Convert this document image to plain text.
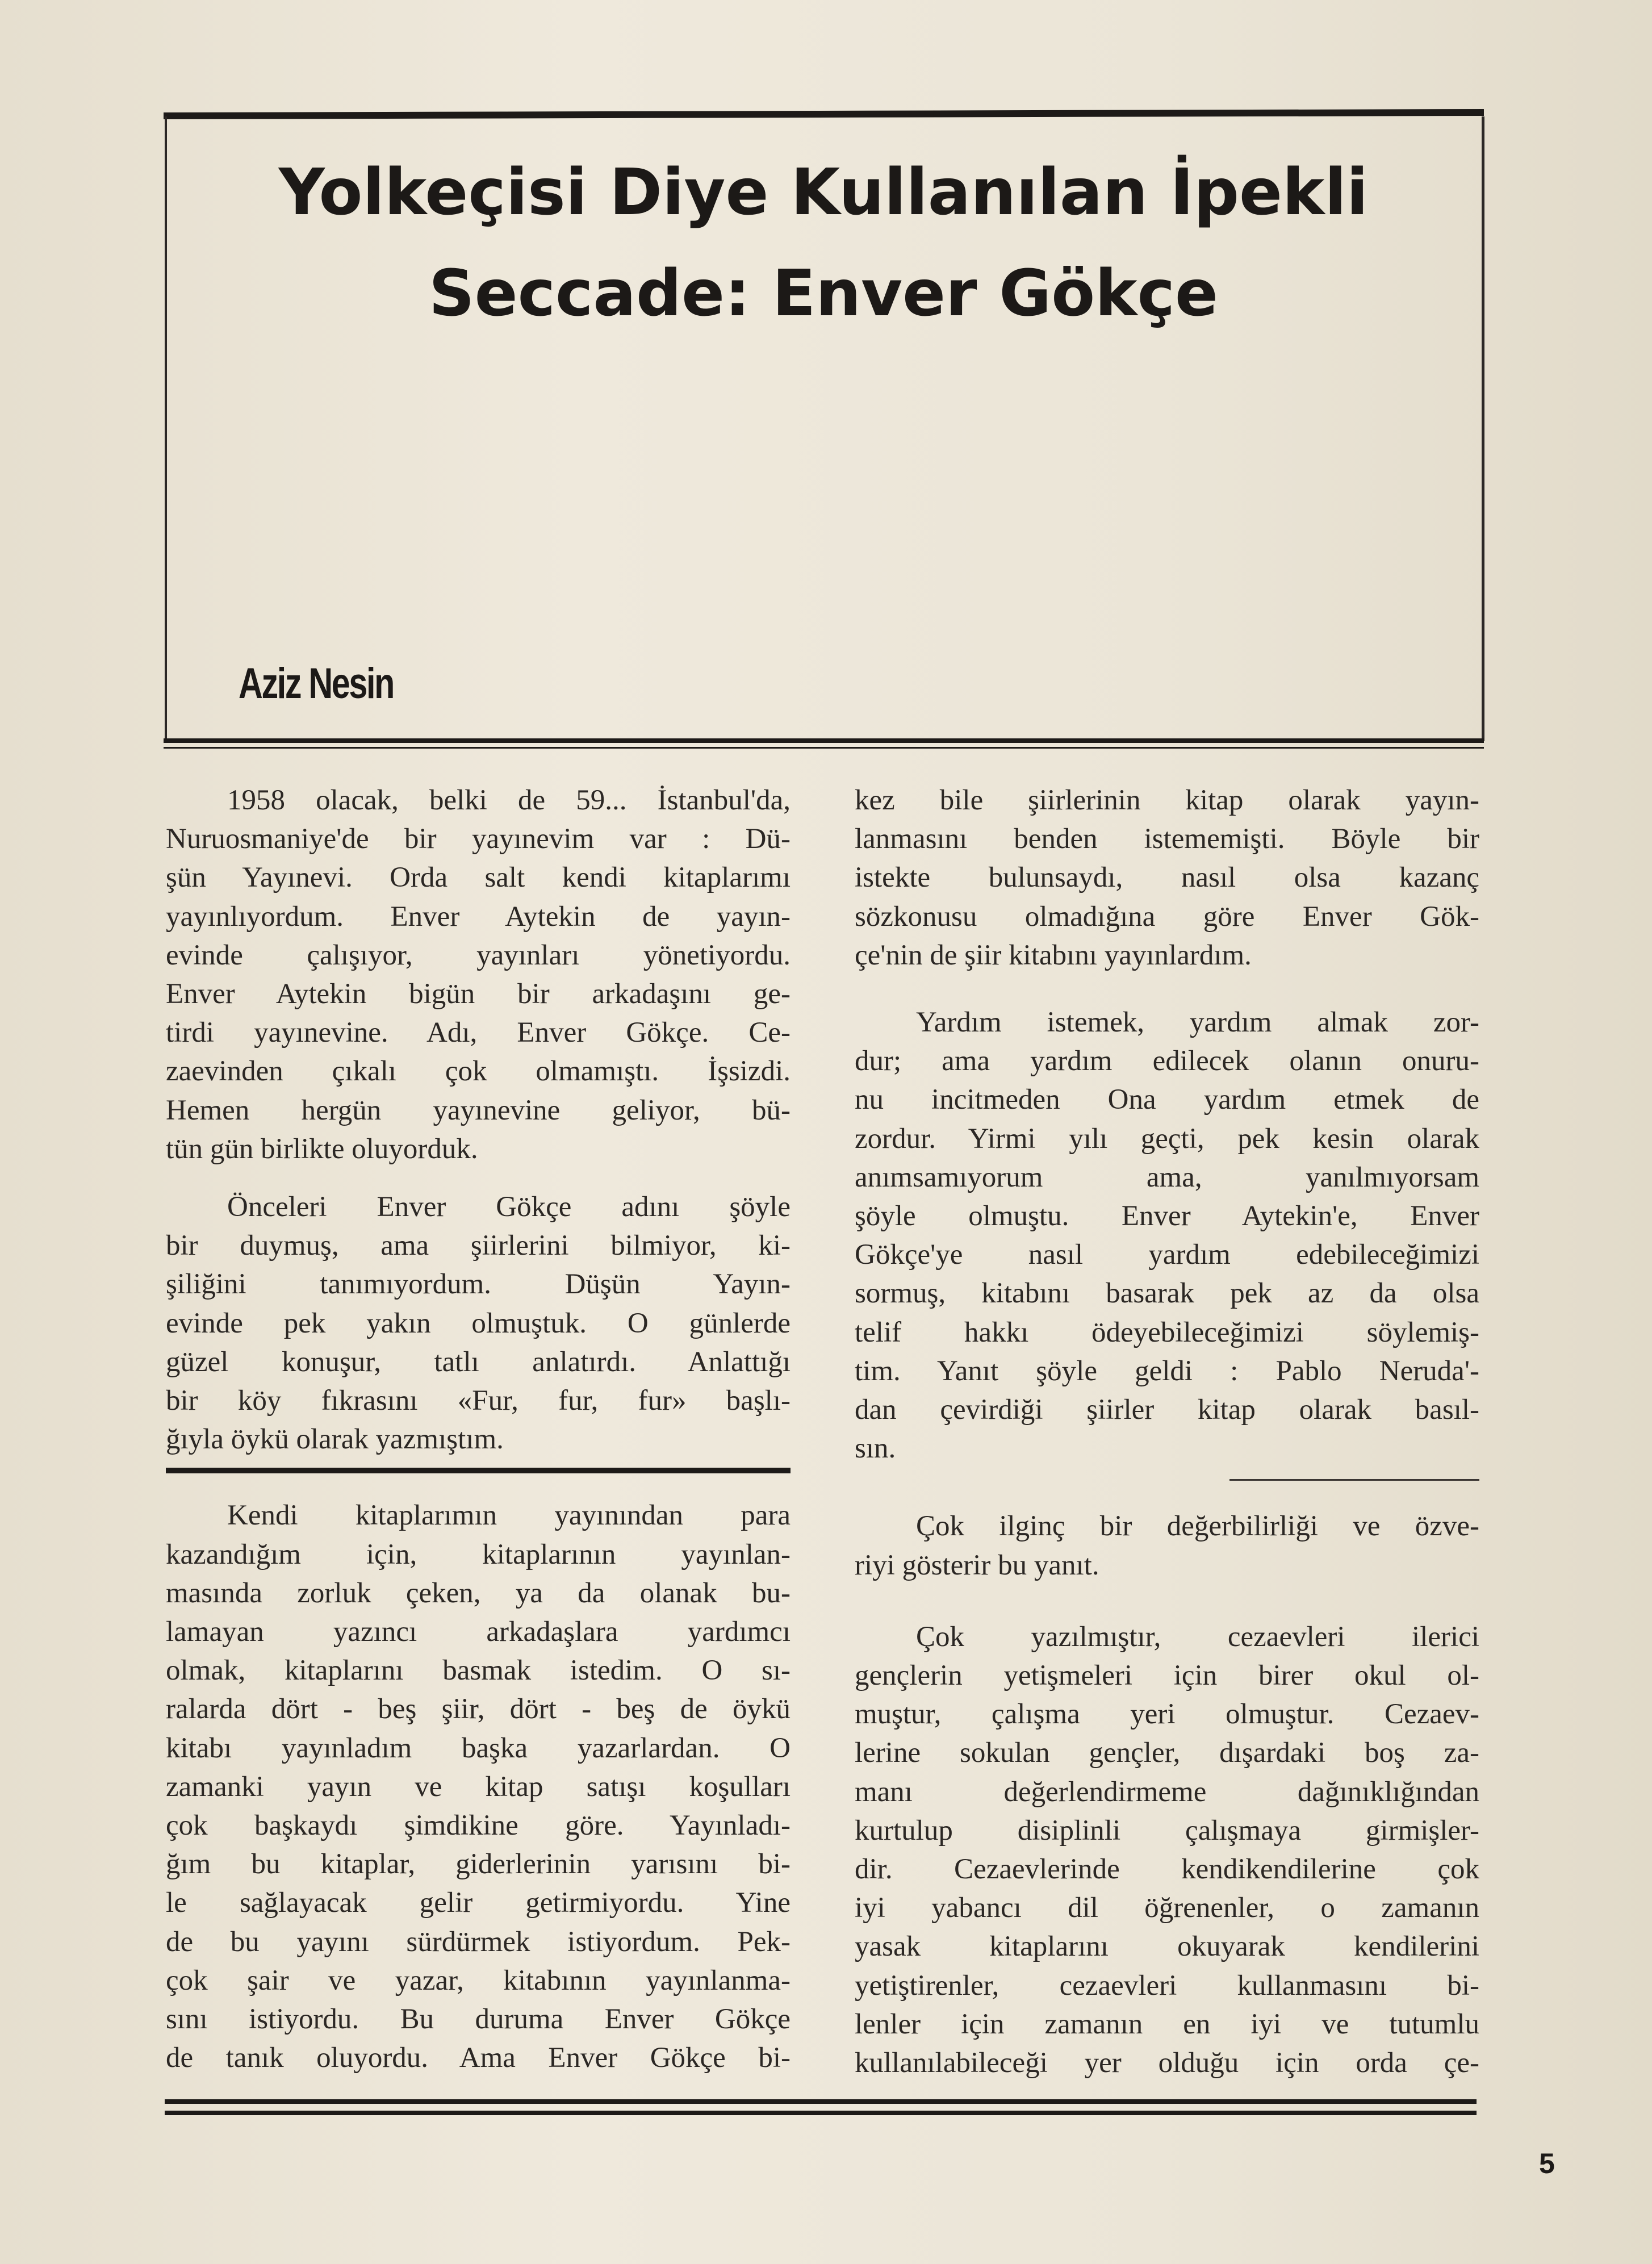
Yolkeçisi Diye Kullanılan İpekli
Seccade: Enver Gökçe
Aziz Nesin
1958 olacak, belki de 59... İstanbul'da,
Nuruosmaniye'de bir yayınevim var : Dü-
şün Yayınevi. Orda salt kendi kitaplarımı
yayınlıyordum. Enver Aytekin de yayın-
evinde çalışıyor, yayınları yönetiyordu.
Enver Aytekin bigün bir arkadaşını ge-
tirdi yayınevine. Adı, Enver Gökçe. Ce-
zaevinden çıkalı çok olmamıştı. İşsizdi.
Hemen hergün yayınevine geliyor, bü-
tün gün birlikte oluyorduk.
Önceleri Enver Gökçe adını şöyle
bir duymuş, ama şiirlerini bilmiyor, ki-
şiliğini tanımıyordum. Düşün Yayın-
evinde pek yakın olmuştuk. O günlerde
güzel konuşur, tatlı anlatırdı. Anlattığı
bir köy fıkrasını «Fur, fur, fur» başlı-
ğıyla öykü olarak yazmıştım.
Kendi kitaplarımın yayınından para
kazandığım için, kitaplarının yayınlan-
masında zorluk çeken, ya da olanak bu-
lamayan yazıncı arkadaşlara yardımcı
olmak, kitaplarını basmak istedim. O sı-
ralarda dört - beş şiir, dört - beş de öykü
kitabı yayınladım başka yazarlardan. O
zamanki yayın ve kitap satışı koşulları
çok başkaydı şimdikine göre. Yayınladı-
ğım bu kitaplar, giderlerinin yarısını bi-
le sağlayacak gelir getirmiyordu. Yine
de bu yayını sürdürmek istiyordum. Pek-
çok şair ve yazar, kitabının yayınlanma-
sını istiyordu. Bu duruma Enver Gökçe
de tanık oluyordu. Ama Enver Gökçe bi-
kez bile şiirlerinin kitap olarak yayın-
lanmasını benden istememişti. Böyle bir
istekte bulunsaydı, nasıl olsa kazanç
sözkonusu olmadığına göre Enver Gök-
çe'nin de şiir kitabını yayınlardım.
Yardım istemek, yardım almak zor-
dur; ama yardım edilecek olanın onuru-
nu incitmeden Ona yardım etmek de
zordur. Yirmi yılı geçti, pek kesin olarak
anımsamıyorum ama, yanılmıyorsam
şöyle olmuştu. Enver Aytekin'e, Enver
Gökçe'ye nasıl yardım edebileceğimizi
sormuş, kitabını basarak pek az da olsa
telif hakkı ödeyebileceğimizi söylemiş-
tim. Yanıt şöyle geldi : Pablo Neruda'-
dan çevirdiği şiirler kitap olarak basıl-
sın.
Çok ilginç bir değerbilirliği ve özve-
riyi gösterir bu yanıt.
Çok yazılmıştır, cezaevleri ilerici
gençlerin yetişmeleri için birer okul ol-
muştur, çalışma yeri olmuştur. Cezaev-
lerine sokulan gençler, dışardaki boş za-
manı değerlendirmeme dağınıklığından
kurtulup disiplinli çalışmaya girmişler-
dir. Cezaevlerinde kendikendilerine çok
iyi yabancı dil öğrenenler, o zamanın
yasak kitaplarını okuyarak kendilerini
yetiştirenler, cezaevleri kullanmasını bi-
lenler için zamanın en iyi ve tutumlu
kullanılabileceği yer olduğu için orda çe-
5
